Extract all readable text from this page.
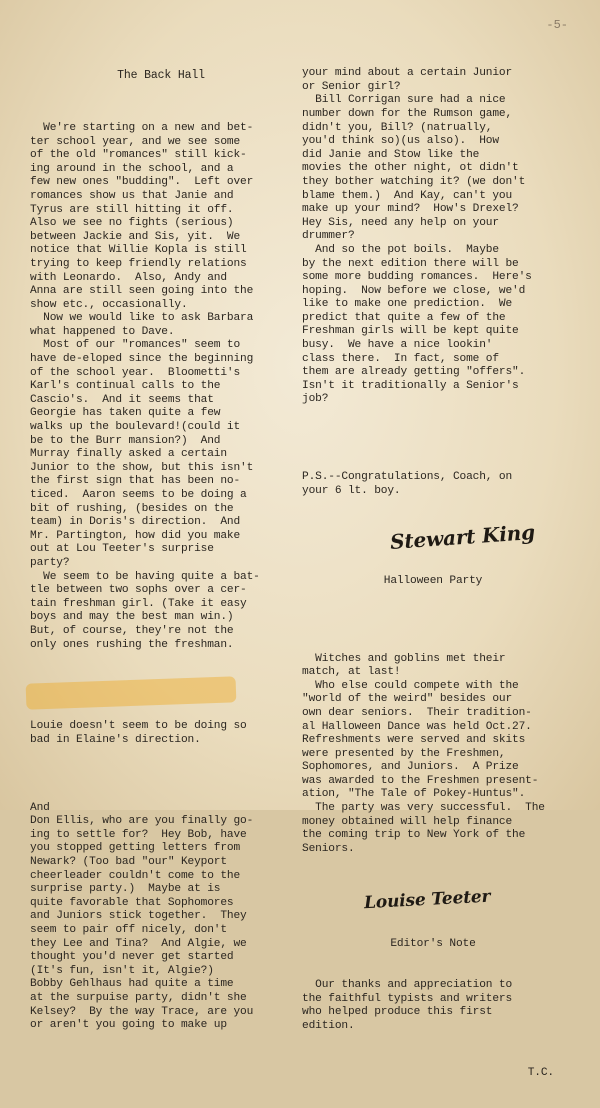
-5-

The Back Hall

We're starting on a new and bet-
ter school year, and we see some
of the old "romances" still kick-
ing around in the school, and a
few new ones "budding".  Left over
romances show us that Janie and
Tyrus are still hitting it off.
Also we see no fights (serious)
between Jackie and Sis, yit.  We
notice that Willie Kopla is still
trying to keep friendly relations
with Leonardo.  Also, Andy and
Anna are still seen going into the
show etc., occasionally.
Now we would like to ask Barbara
what happened to Dave.
Most of our "romances" seem to
have de-eloped since the beginning
of the school year.  Bloometti's
Karl's continual calls to the
Cascio's.  And it seems that
Georgie has taken quite a few
walks up the boulevard!(could it
be to the Burr mansion?)  And
Murray finally asked a certain
Junior to the show, but this isn't
the first sign that has been no-
ticed.  Aaron seems to be doing a
bit of rushing, (besides on the
team) in Doris's direction.  And
Mr. Partington, how did you make
out at Lou Teeter's surprise
party?
We seem to be having quite a bat-
tle between two sophs over a cer-
tain freshman girl. (Take it easy
boys and may the best man win.)
But, of course, they're not the
only ones rushing the freshman.

Louie doesn't seem to be doing so
bad in Elaine's direction.

And
Don Ellis, who are you finally go-
ing to settle for?  Hey Bob, have
you stopped getting letters from
Newark? (Too bad "our" Keyport
cheerleader couldn't come to the
surprise party.)  Maybe at is
quite favorable that Sophomores
and Juniors stick together.  They
seem to pair off nicely, don't
they Lee and Tina?  And Algie, we
thought you'd never get started
(It's fun, isn't it, Algie?)
Bobby Gehlhaus had quite a time
at the surpuise party, didn't she
Kelsey?  By the way Trace, are you
or aren't you going to make up

your mind about a certain Junior
or Senior girl?
Bill Corrigan sure had a nice
number down for the Rumson game,
didn't you, Bill? (natrually,
you'd think so)(us also).  How
did Janie and Stow like the
movies the other night, ot didn't
they bother watching it? (we don't
blame them.)  And Kay, can't you
make up your mind?  How's Drexel?
Hey Sis, need any help on your
drummer?
And so the pot boils.  Maybe
by the next edition there will be
some more budding romances.  Here's
hoping.  Now before we close, we'd
like to make one prediction.  We
predict that quite a few of the
Freshman girls will be kept quite
busy.  We have a nice lookin'
class there.  In fact, some of
them are already getting "offers".
Isn't it traditionally a Senior's
job?

P.S.--Congratulations, Coach, on
your 6 lt. boy.

Stewart King

Halloween Party

Witches and goblins met their
match, at last!
Who else could compete with the
"world of the weird" besides our
own dear seniors.  Their tradition-
al Halloween Dance was held Oct.27.
Refreshments were served and skits
were presented by the Freshmen,
Sophomores, and Juniors.  A Prize
was awarded to the Freshmen present-
ation, "The Tale of Pokey-Huntus".
The party was very successful.  The
money obtained will help finance
the coming trip to New York of the
Seniors.

Louise Teeter

Editor's Note

Our thanks and appreciation to
the faithful typists and writers
who helped produce this first
edition.

T.C.
